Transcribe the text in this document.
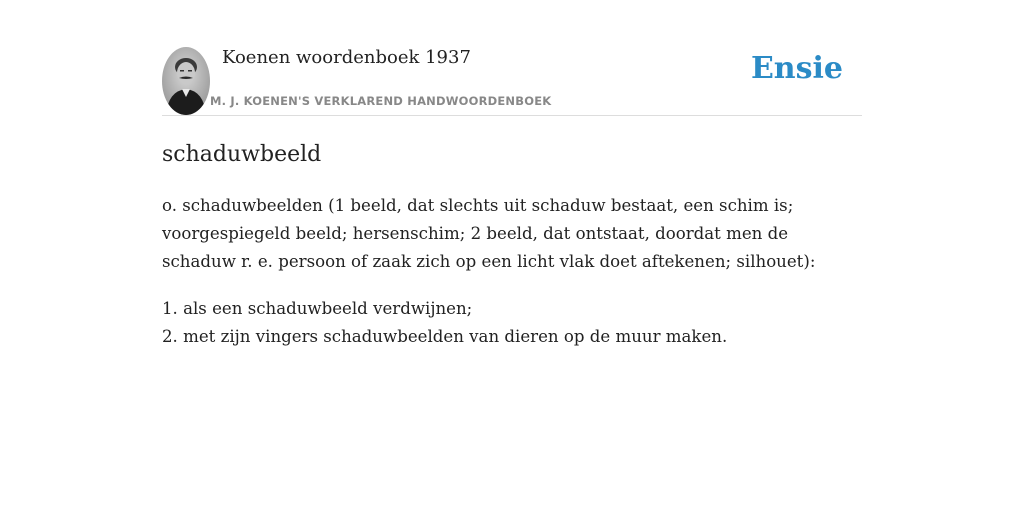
Koenen woordenboek 1937
M. J. KOENEN'S VERKLAREND HANDWOORDENBOEK
Ensie
schaduwbeeld

o. schaduwbeelden (1 beeld, dat slechts uit schaduw bestaat, een schim is; voorgespiegeld beeld; hersenschim; 2 beeld, dat ontstaat, doordat men de schaduw r. e. persoon of zaak zich op een licht vlak doet aftekenen; silhouet):

1. als een schaduwbeeld verdwijnen;
2. met zijn vingers schaduwbeelden van dieren op de muur maken.
